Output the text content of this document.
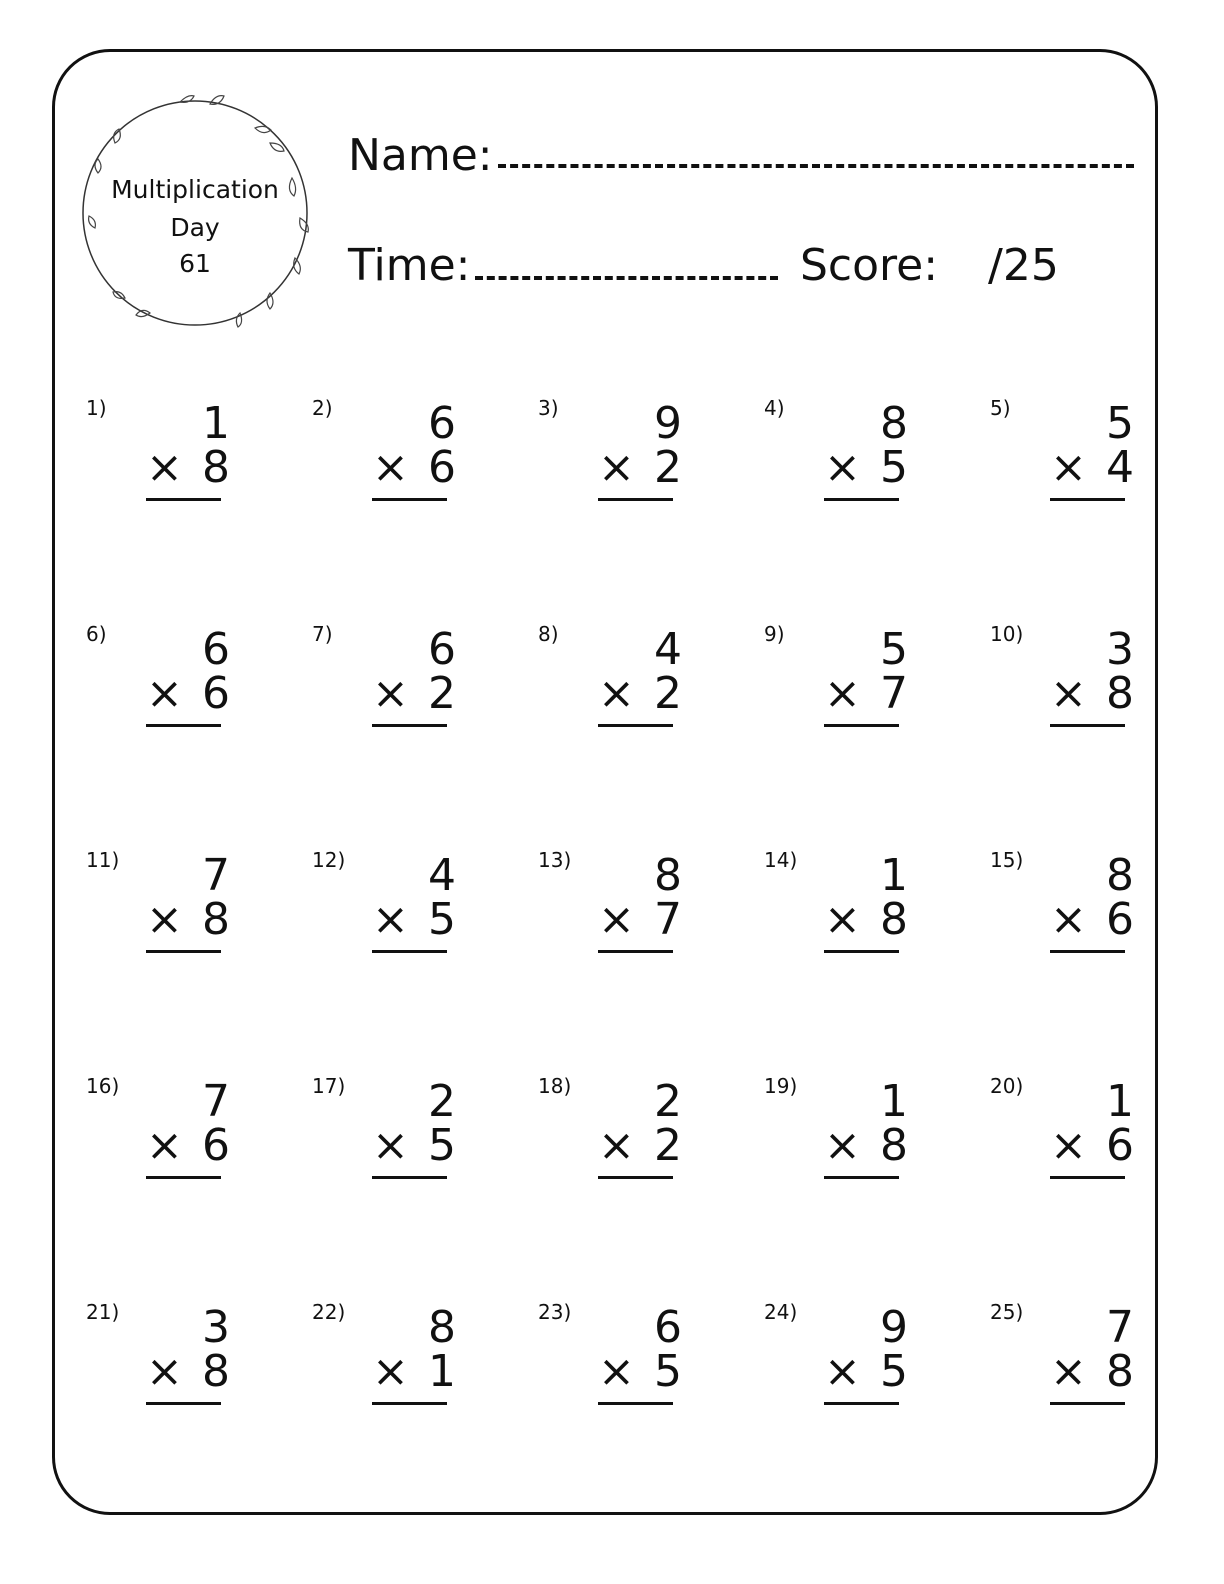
Multiplication
Day
61
Name:
Time:	Score: /25
1) 1
× 8
2) 6
× 6
3) 9
× 2
4) 8
× 5
5) 5
× 4
6) 6
× 6
7) 6
× 2
8) 4
× 2
9) 5
× 7
10) 3
× 8
11) 7
× 8
12) 4
× 5
13) 8
× 7
14) 1
× 8
15) 8
× 6
16) 7
× 6
17) 2
× 5
18) 2
× 2
19) 1
× 8
20) 1
× 6
21) 3
× 8
22) 8
× 1
23) 6
× 5
24) 9
× 5
25) 7
× 8
